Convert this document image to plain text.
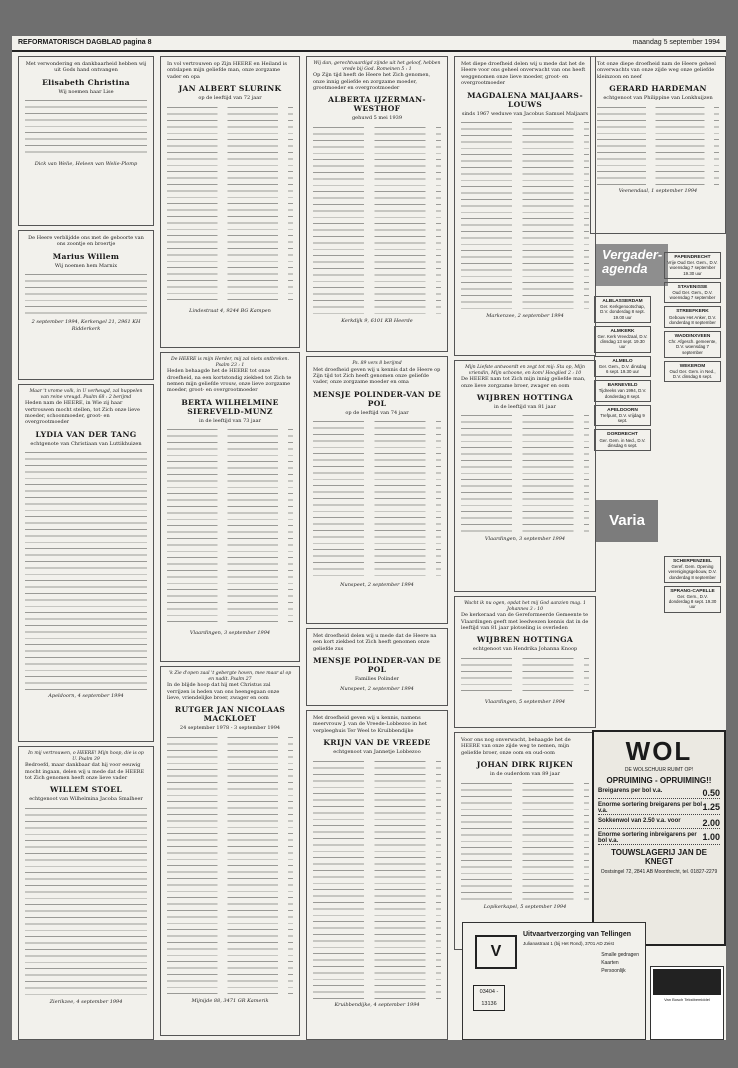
REFORMATORISCH DAGBLAD pagina 8	maandag 5 september 1994
Met verwondering en dankbaarheid hebben wij uit Gods hand ontvangen
Elisabeth Christina
Wij noemen haar Lise
Dick van Welie, Heleen van Welie-Plomp
De Heere verblijdde ons met de geboorte van ons zoontje en broertje
Marius Willem
Wij noemen hem Marnix
2 september 1994, Kerkengel 21, 2961 KH Ridderkerk
Maar 't vrome volk, in U verheugd, zal huppelen van reine vreugd. Psalm 68 : 2 berijmd
Heden nam de HEERE, in Wie zij haar vertrouwen mocht stellen, tot Zich onze lieve moeder, schoonmoeder, groot- en overgrootmoeder
LYDIA VAN DER TANG
echtgenote van Christiaan van Luttikhuizen
Apeldoorn, 4 september 1994
In mij vertrouwen, o HEERE! Mijn hoop, die is op U. Psalm 39
Bedroefd, maar dankbaar dat hij voor eeuwig mocht ingaan, delen wij u mede dat de HEERE tot Zich genomen heeft onze lieve vader
WILLEM STOEL
echtgenoot van Wilhelmina Jacoba Smalheer
Zierikzee, 4 september 1994
In vol vertrouwen op Zijn HEERE en Heiland is ontslapen mijn geliefde man, onze zorgzame vader en opa
JAN ALBERT SLURINK
op de leeftijd van 72 jaar
Lindestraat 4, 9244 BG Kampen
De HEERE is mijn Herder, mij zal niets ontbreken. Psalm 23 : 1
Heden behaagde het de HEERE tot onze droefheid, na een kortstondig ziekbed tot Zich te nemen mijn geliefde vrouw, onze lieve zorgzame moeder, groot- en overgrootmoeder
BERTA WILHELMINE SIEREVELD-MUNZ
in de leeftijd van 73 jaar
Vlaardingen, 3 september 1994
'k Zie d'open zaal 't gebergte hoven, mee maar al op en nadit. Psalm 27
In de blijde hoop dat hij met Christus zal verrijzen is heden van ons heengegaan onze lieve, vriendelijke broer, zwager en oom
RUTGER JAN NICOLAAS MACKLOET
24 september 1978 - 3 september 1994
Mijnijde 88, 3471 GR Kamerik
Wij dan, gerechtvaardigd zijnde uit het geloof, hebben vrede bij God. Romeinen 5 : 1
Op Zijn tijd heeft de Heere het Zich genomen, onze innig geliefde en zorgzame moeder, grootmoeder en overgrootmoeder
ALBERTA IJZERMAN-WESTHOF
gehuwd 5 mei 1939
Kerkdijk 9, 6101 KB Heerde
Ps. 89 vers 8 berijmd
Met droefheid geven wij u kennis dat de Heere op Zijn tijd tot Zich heeft genomen onze geliefde vader, onze zorgzame moeder en oma
MENSJE POLINDER-VAN DE POL
op de leeftijd van 74 jaar
Nunspeet, 2 september 1994
Met droefheid delen wij u mede dat de Heere na een kort ziekbed tot Zich heeft genomen onze geliefde zus
MENSJE POLINDER-VAN DE POL
Families Polinder
Nunspeet, 2 september 1994
Met droefheid geven wij u kennis, namens meervrouw J. van de Vreede-Lobbezoo in het verpleeghuis Ter Weel te Kruibbendijke
KRIJN VAN DE VREEDE
echtgenoot van Jannetje Lobbezoo
Kruibbendijke, 4 september 1994
Met diepe droefheid delen wij u mede dat het de Heere voor ons geheel onverwacht van ons heeft weggenomen onze lieve moeder, groot- en overgrootmoeder
MAGDALENA MALJAARS-LOUWS
sinds 1967 weduwe van Jacobus Samuel Maljaars
Markenzee, 2 september 1994
Mijn Liefste antwoordt en zegt tot mij: Sta op, Mijn vriendin, Mijn schoone, en kom! Hooglied 2 : 10
De HEERE nam tot Zich mijn innig geliefde man, onze lieve zorgzame broer, zwager en oom
WIJBREN HOTTINGA
in de leeftijd van 81 jaar
Vlaardingen, 3 september 1994
Wacht ik nu ogen, opdat het mij God aanzien mag. 1 Johannes 3 : 10
De kerkeraad van de Gereformeerde Gemeente te Vlaardingen geeft met leedwezen kennis dat in de leeftijd van 81 jaar plotseling is overleden
WIJBREN HOTTINGA
echtgenoot van Hendrika Johanna Knoop
Vlaardingen, 5 september 1994
Voor ons nog onverwacht, behaagde het de HEERE van onze zijde weg te nemen, mijn geliefde broer, onze oom en oud-oom
JOHAN DIRK RIJKEN
in de ouderdom van 89 jaar
Lopikerkapel, 5 september 1994
Tot onze diepe droefheid nam de Heere geheel onverwachts van onze zijde weg onze geliefde kleinzoon en neef
GERARD HARDEMAN
echtgenoot van Philippine van Lonkhuijzen
Veenendaal, 1 september 1994
Vergader-agenda
ALBLASSERDAM
Ger. Kerkgenootschap, D.V. donderdag 8 sept. 19.00 uur
ALMKERK
Ger. Kerk Vreedzaal, D.V. dinsdag 13 sept. 19.30 uur
ALMELO
Ger. Gem., D.V. dinsdag 6 sept. 19.30 uur
BARNEVELD
Tijdreeks van 1994, D.V. donderdag 8 sept.
APELDOORN
Trefpunt, D.V. vrijdag 9 sept.
DORDRECHT
Ger. Gem. in Ned., D.V. dinsdag 6 sept.
PAPENDRECHT
Vrije Oud Ger. Gem., D.V. woensdag 7 september 19.30 uur
STAVENISSE
Oud Ger. Gem., D.V. woensdag 7 september
STREEFKERK
Gebouw Het Anker, D.V. donderdag 8 september
WADDINXVEEN
Chr. Afgesch. gemeente, D.V. woensdag 7 september
WEKEROM
Oud Ger. Gem. in Ned., D.V. dinsdag 6 sept.
Varia
SCHERPENZEEL
Geref. Gem. Opening verenigingsgebouw, D.V. donderdag 8 september
SPRANG-CAPELLE
Ger. Gem., D.V. donderdag 8 sept. 19.30 uur
WOL
DE WOLSCHUUR RUIMT OP!
OPRUIMING - OPRUIMING!!
Breigarens per bol v.a.	0.50
Enorme sortering breigarens per bol v.a.	1.25
Sokkenwol van 2.50 v.a. voor 2.00
Enorme sortering inbreigarens per bol v.a.	1.00
TOUWSLAGERIJ JAN DE KNEGT
Oostsingel 72, 2841 AB Moordrecht, tel. 01827-2279
V
Uitvaartverzorging van Tellingen
Julianastraat 1 (bij Het Rond), 3701 AD Zeist
Smalle gedragen
Kaarten
Persoonlijk
03404 - 13136
Van Bosch Tekstbemiddel
